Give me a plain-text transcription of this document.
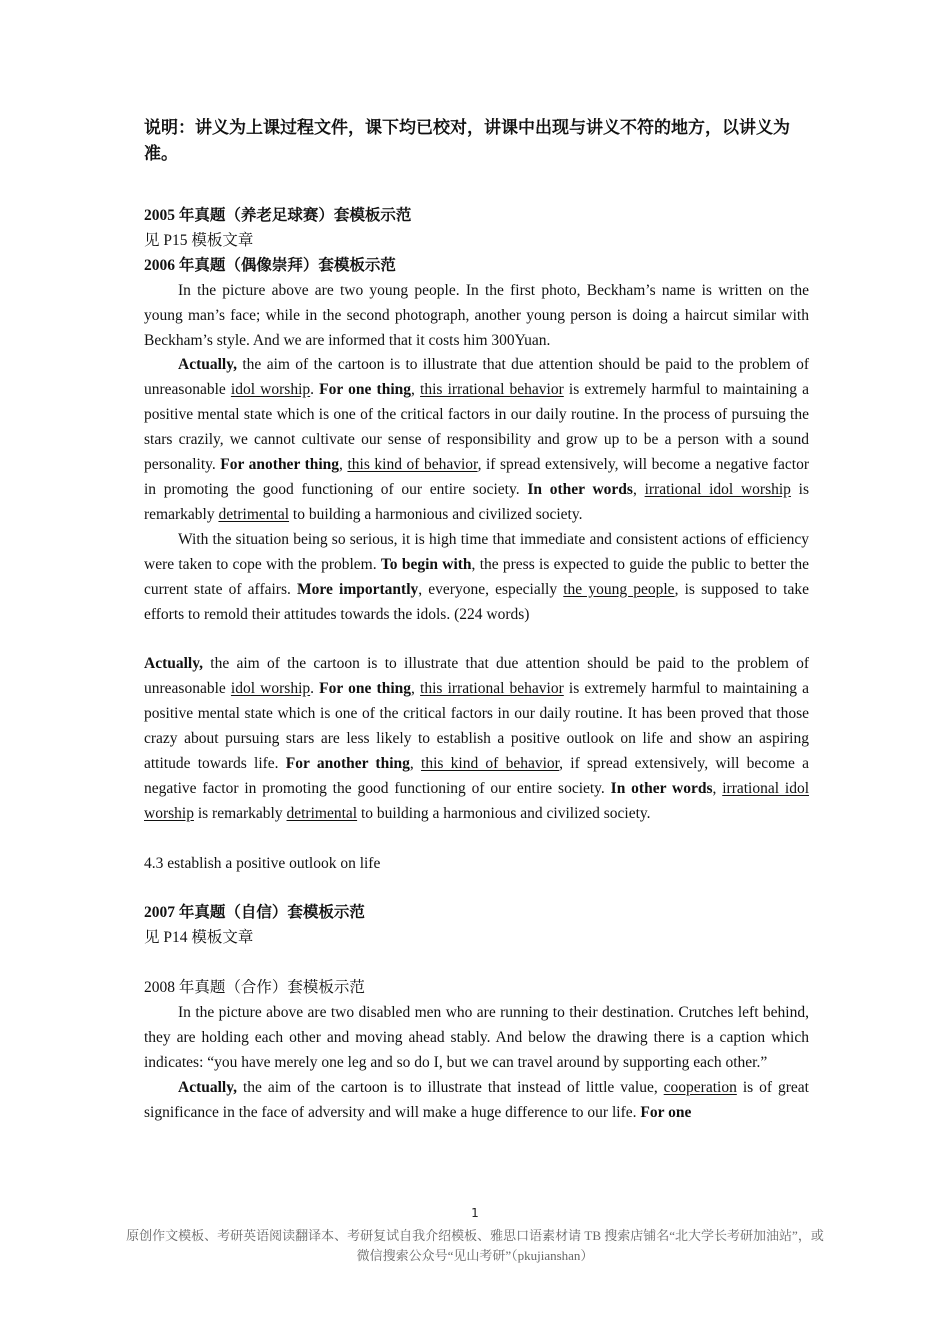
说明：讲义为上课过程文件，课下均已校对，讲课中出现与讲义不符的地方，以讲义为准。

2005 年真题（养老足球赛）套模板示范

见 P15 模板文章

2006 年真题（偶像崇拜）套模板示范

In the picture above are two young people. In the first photo, Beckham’s name is written on the young man’s face; while in the second photograph, another young person is doing a haircut similar with Beckham’s style. And we are informed that it costs him 300Yuan.

Actually, the aim of the cartoon is to illustrate that due attention should be paid to the problem of unreasonable idol worship. For one thing, this irrational behavior is extremely harmful to maintaining a positive mental state which is one of the critical factors in our daily routine. In the process of pursuing the stars crazily, we cannot cultivate our sense of responsibility and grow up to be a person with a sound personality. For another thing, this kind of behavior, if spread extensively, will become a negative factor in promoting the good functioning of our entire society. In other words, irrational idol worship is remarkably detrimental to building a harmonious and civilized society.

With the situation being so serious, it is high time that immediate and consistent actions of efficiency were taken to cope with the problem. To begin with, the press is expected to guide the public to better the current state of affairs. More importantly, everyone, especially the young people, is supposed to take efforts to remold their attitudes towards the idols. (224 words)

Actually, the aim of the cartoon is to illustrate that due attention should be paid to the problem of unreasonable idol worship. For one thing, this irrational behavior is extremely harmful to maintaining a positive mental state which is one of the critical factors in our daily routine. It has been proved that those crazy about pursuing stars are less likely to establish a positive outlook on life and show an aspiring attitude towards life. For another thing, this kind of behavior, if spread extensively, will become a negative factor in promoting the good functioning of our entire society. In other words, irrational idol worship is remarkably detrimental to building a harmonious and civilized society.

4.3 establish a positive outlook on life

2007 年真题（自信）套模板示范

见 P14 模板文章

2008 年真题（合作）套模板示范

In the picture above are two disabled men who are running to their destination. Crutches left behind, they are holding each other and moving ahead stably. And below the drawing there is a caption which indicates: “you have merely one leg and so do I, but we can travel around by supporting each other.”

Actually, the aim of the cartoon is to illustrate that instead of little value, cooperation is of great significance in the face of adversity and will make a huge difference to our life. For one

1
原创作文模板、考研英语阅读翻译本、考研复试自我介绍模板、雅思口语素材请 TB 搜索店铺名“北大学长考研加油站”，或微信搜索公众号“见山考研”（pkujianshan）
